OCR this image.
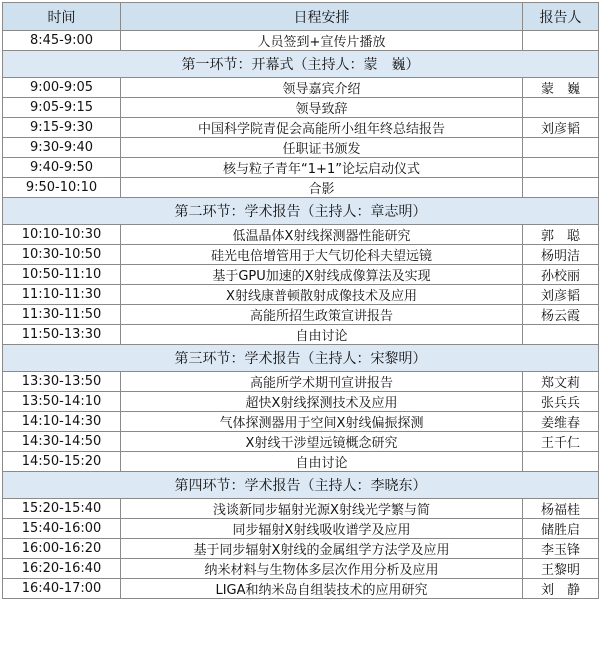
时间	日程安排	报告人
8:45-9:00	人员签到+宣传片播放	
第一环节：开幕式（主持人：蒙　巍）		
9:00-9:05	领导嘉宾介绍	蒙　巍
9:05-9:15	领导致辞	
9:15-9:30	中国科学院青促会高能所小组年终总结报告	刘彦韬
9:30-9:40	任职证书颁发	
9:40-9:50	核与粒子青年“1+1”论坛启动仪式	
9:50-10:10	合影	
第二环节：学术报告（主持人：章志明）		
10:10-10:30	低温晶体X射线探测器性能研究	郭　聪
10:30-10:50	硅光电倍增管用于大气切伦科夫望远镜	杨明洁
10:50-11:10	基于GPU加速的X射线成像算法及实现	孙校丽
11:10-11:30	X射线康普顿散射成像技术及应用	刘彦韬
11:30-11:50	高能所招生政策宣讲报告	杨云霞
11:50-13:30	自由讨论	
第三环节：学术报告（主持人：宋黎明）		
13:30-13:50	高能所学术期刊宣讲报告	郑文莉
13:50-14:10	超快X射线探测技术及应用	张兵兵
14:10-14:30	气体探测器用于空间X射线偏振探测	姜维春
14:30-14:50	X射线干涉望远镜概念研究	王千仁
14:50-15:20	自由讨论	
第四环节：学术报告（主持人：李晓东）		
15:20-15:40	浅谈新同步辐射光源X射线光学繁与简	杨福桂
15:40-16:00	同步辐射X射线吸收谱学及应用	储胜启
16:00-16:20	基于同步辐射X射线的金属组学方法学及应用	李玉锋
16:20-16:40	纳米材料与生物体多层次作用分析及应用	王黎明
16:40-17:00	LIGA和纳米岛自组装技术的应用研究	刘　静
